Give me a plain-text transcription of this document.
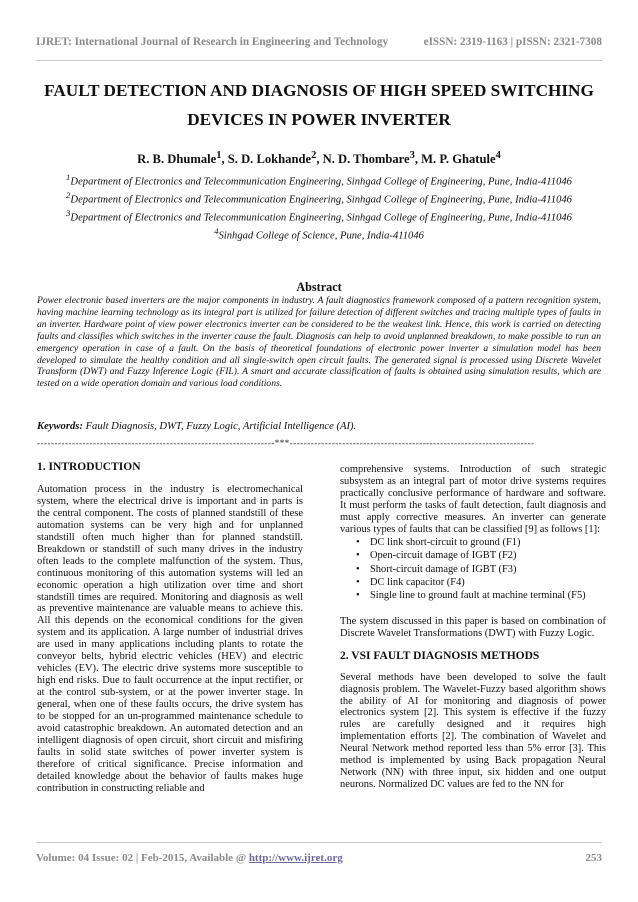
IJRET: International Journal of Research in Engineering and Technology	eISSN: 2319-1163 | pISSN: 2321-7308
FAULT DETECTION AND DIAGNOSIS OF HIGH SPEED SWITCHING
DEVICES IN POWER INVERTER
R. B. Dhumale$^1$, S. D. Lokhande$^2$, N. D. Thombare$^3$, M. P. Ghatule$^4$

$^1$Department of Electronics and Telecommunication Engineering, Sinhgad College of Engineering, Pune, India-411046

$^2$Department of Electronics and Telecommunication Engineering, Sinhgad College of Engineering, Pune, India-411046

$^3$Department of Electronics and Telecommunication Engineering, Sinhgad College of Engineering, Pune, India-411046

$^4$Sinhgad College of Science, Pune, India-411046

Abstract

Power electronic based inverters are the major components in industry. A fault diagnostics framework composed of a pattern recognition system, having machine learning technology as its integral part is utilized for failure detection of different switches and tracing multiple types of faults in an inverter. Hardware point of view power electronics inverter can be considered to be the weakest link. Hence, this work is carried on detecting faults and classifies which switches in the inverter cause the fault. Diagnosis can help to avoid unplanned breakdown, to make possible to run an emergency operation in case of a fault. On the basis of theoretical foundations of electronic power inverter a simulation model has been developed to simulate the healthy condition and all single-switch open circuit faults. The generated signal is processed using Discrete Wavelet Transform (DWT) and Fuzzy Inference Logic (FIL). A smart and accurate classification of faults is obtained using simulation results, which are tested on a wide operation domain and various load conditions.

Keywords: Fault Diagnosis, DWT, Fuzzy Logic, Artificial Intelligence (AI).
--------------------------------------------------------------------***----------------------------------------------------------------------
1. INTRODUCTION

Automation process in the industry is electromechanical system, where the electrical drive is important and in parts is the central component. The costs of planned standstill of these automation systems can be very high and for unplanned standstill often much higher than for planned standstill. Breakdown or standstill of such many drives in the industry often leads to the complete malfunction of the system. Thus, continuous monitoring of this automation systems will led an economic operation a high utilization over time and short standstill times are required. Monitoring and diagnosis as well as preventive maintenance are valuable means to achieve this. All this depends on the economical conditions for the given system and its application. A large number of industrial drives are used in many applications including plants to rotate the conveyor belts, hybrid electric vehicles (HEV) and electric vehicles (EV). The electric drive systems more susceptible to high end risks. Due to fault occurrence at the input rectifier, or at the control sub-system, or at the power inverter stage. In general, when one of these faults occurs, the drive system has to be stopped for an un-programmed maintenance schedule to avoid catastrophic breakdown. An automated detection and an intelligent diagnosis of open circuit, short circuit and misfiring faults in solid state switches of power inverter system is therefore of critical significance. Precise information and detailed knowledge about the behavior of faults makes huge contribution in constructing reliable and

comprehensive systems. Introduction of such strategic subsystem as an integral part of motor drive systems requires practically conclusive performance of hardware and software. It must perform the tasks of fault detection, fault diagnosis and must apply corrective measures. An inverter can generate various types of faults that can be classified [9] as follows [1]:

• DC link short-circuit to ground (F1)
• Open-circuit damage of IGBT (F2)
• Short-circuit damage of IGBT (F3)
• DC link capacitor (F4)
• Single line to ground fault at machine terminal (F5)

The system discussed in this paper is based on combination of Discrete Wavelet Transformations (DWT) with Fuzzy Logic.

2. VSI FAULT DIAGNOSIS METHODS

Several methods have been developed to solve the fault diagnosis problem. The Wavelet-Fuzzy based algorithm shows the ability of AI for monitoring and diagnosis of power electronics system [2]. This system is effective if the fuzzy rules are carefully designed and it requires high implementation efforts [2]. The combination of Wavelet and Neural Network method reported less than 5% error [3]. This method is implemented by using Back propagation Neural Network (NN) with three input, six hidden and one output neurons. Normalized DC values are fed to the NN for

Volume: 04 Issue: 02 | Feb-2015, Available @ http://www.ijret.org	253
